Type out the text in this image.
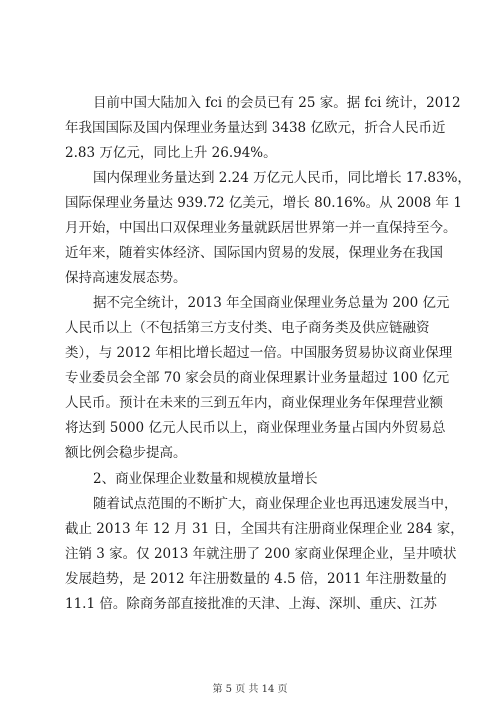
目前中国大陆加入 fci 的会员已有 25 家。据 fci 统计，2012
年我国国际及国内保理业务量达到 3438 亿欧元，折合人民币近
2.83 万亿元，同比上升 26.94%。
国内保理业务量达到 2.24 万亿元人民币，同比增长 17.83%，
国际保理业务量达 939.72 亿美元，增长 80.16%。从 2008 年 1
月开始，中国出口双保理业务量就跃居世界第一并一直保持至今。
近年来，随着实体经济、国际国内贸易的发展，保理业务在我国
保持高速发展态势。
据不完全统计，2013 年全国商业保理业务总量为 200 亿元
人民币以上（不包括第三方支付类、电子商务类及供应链融资
类），与 2012 年相比增长超过一倍。中国服务贸易协议商业保理
专业委员会全部 70 家会员的商业保理累计业务量超过 100 亿元
人民币。预计在未来的三到五年内，商业保理业务年保理营业额
将达到 5000 亿元人民币以上，商业保理业务量占国内外贸易总
额比例会稳步提高。
2、商业保理企业数量和规模放量增长
随着试点范围的不断扩大，商业保理企业也再迅速发展当中，
截止 2013 年 12 月 31 日，全国共有注册商业保理企业 284 家，
注销 3 家。仅 2013 年就注册了 200 家商业保理企业，呈井喷状
发展趋势，是 2012 年注册数量的 4.5 倍，2011 年注册数量的
11.1 倍。除商务部直接批准的天津、上海、深圳、重庆、江苏
第 5 页 共 14 页
